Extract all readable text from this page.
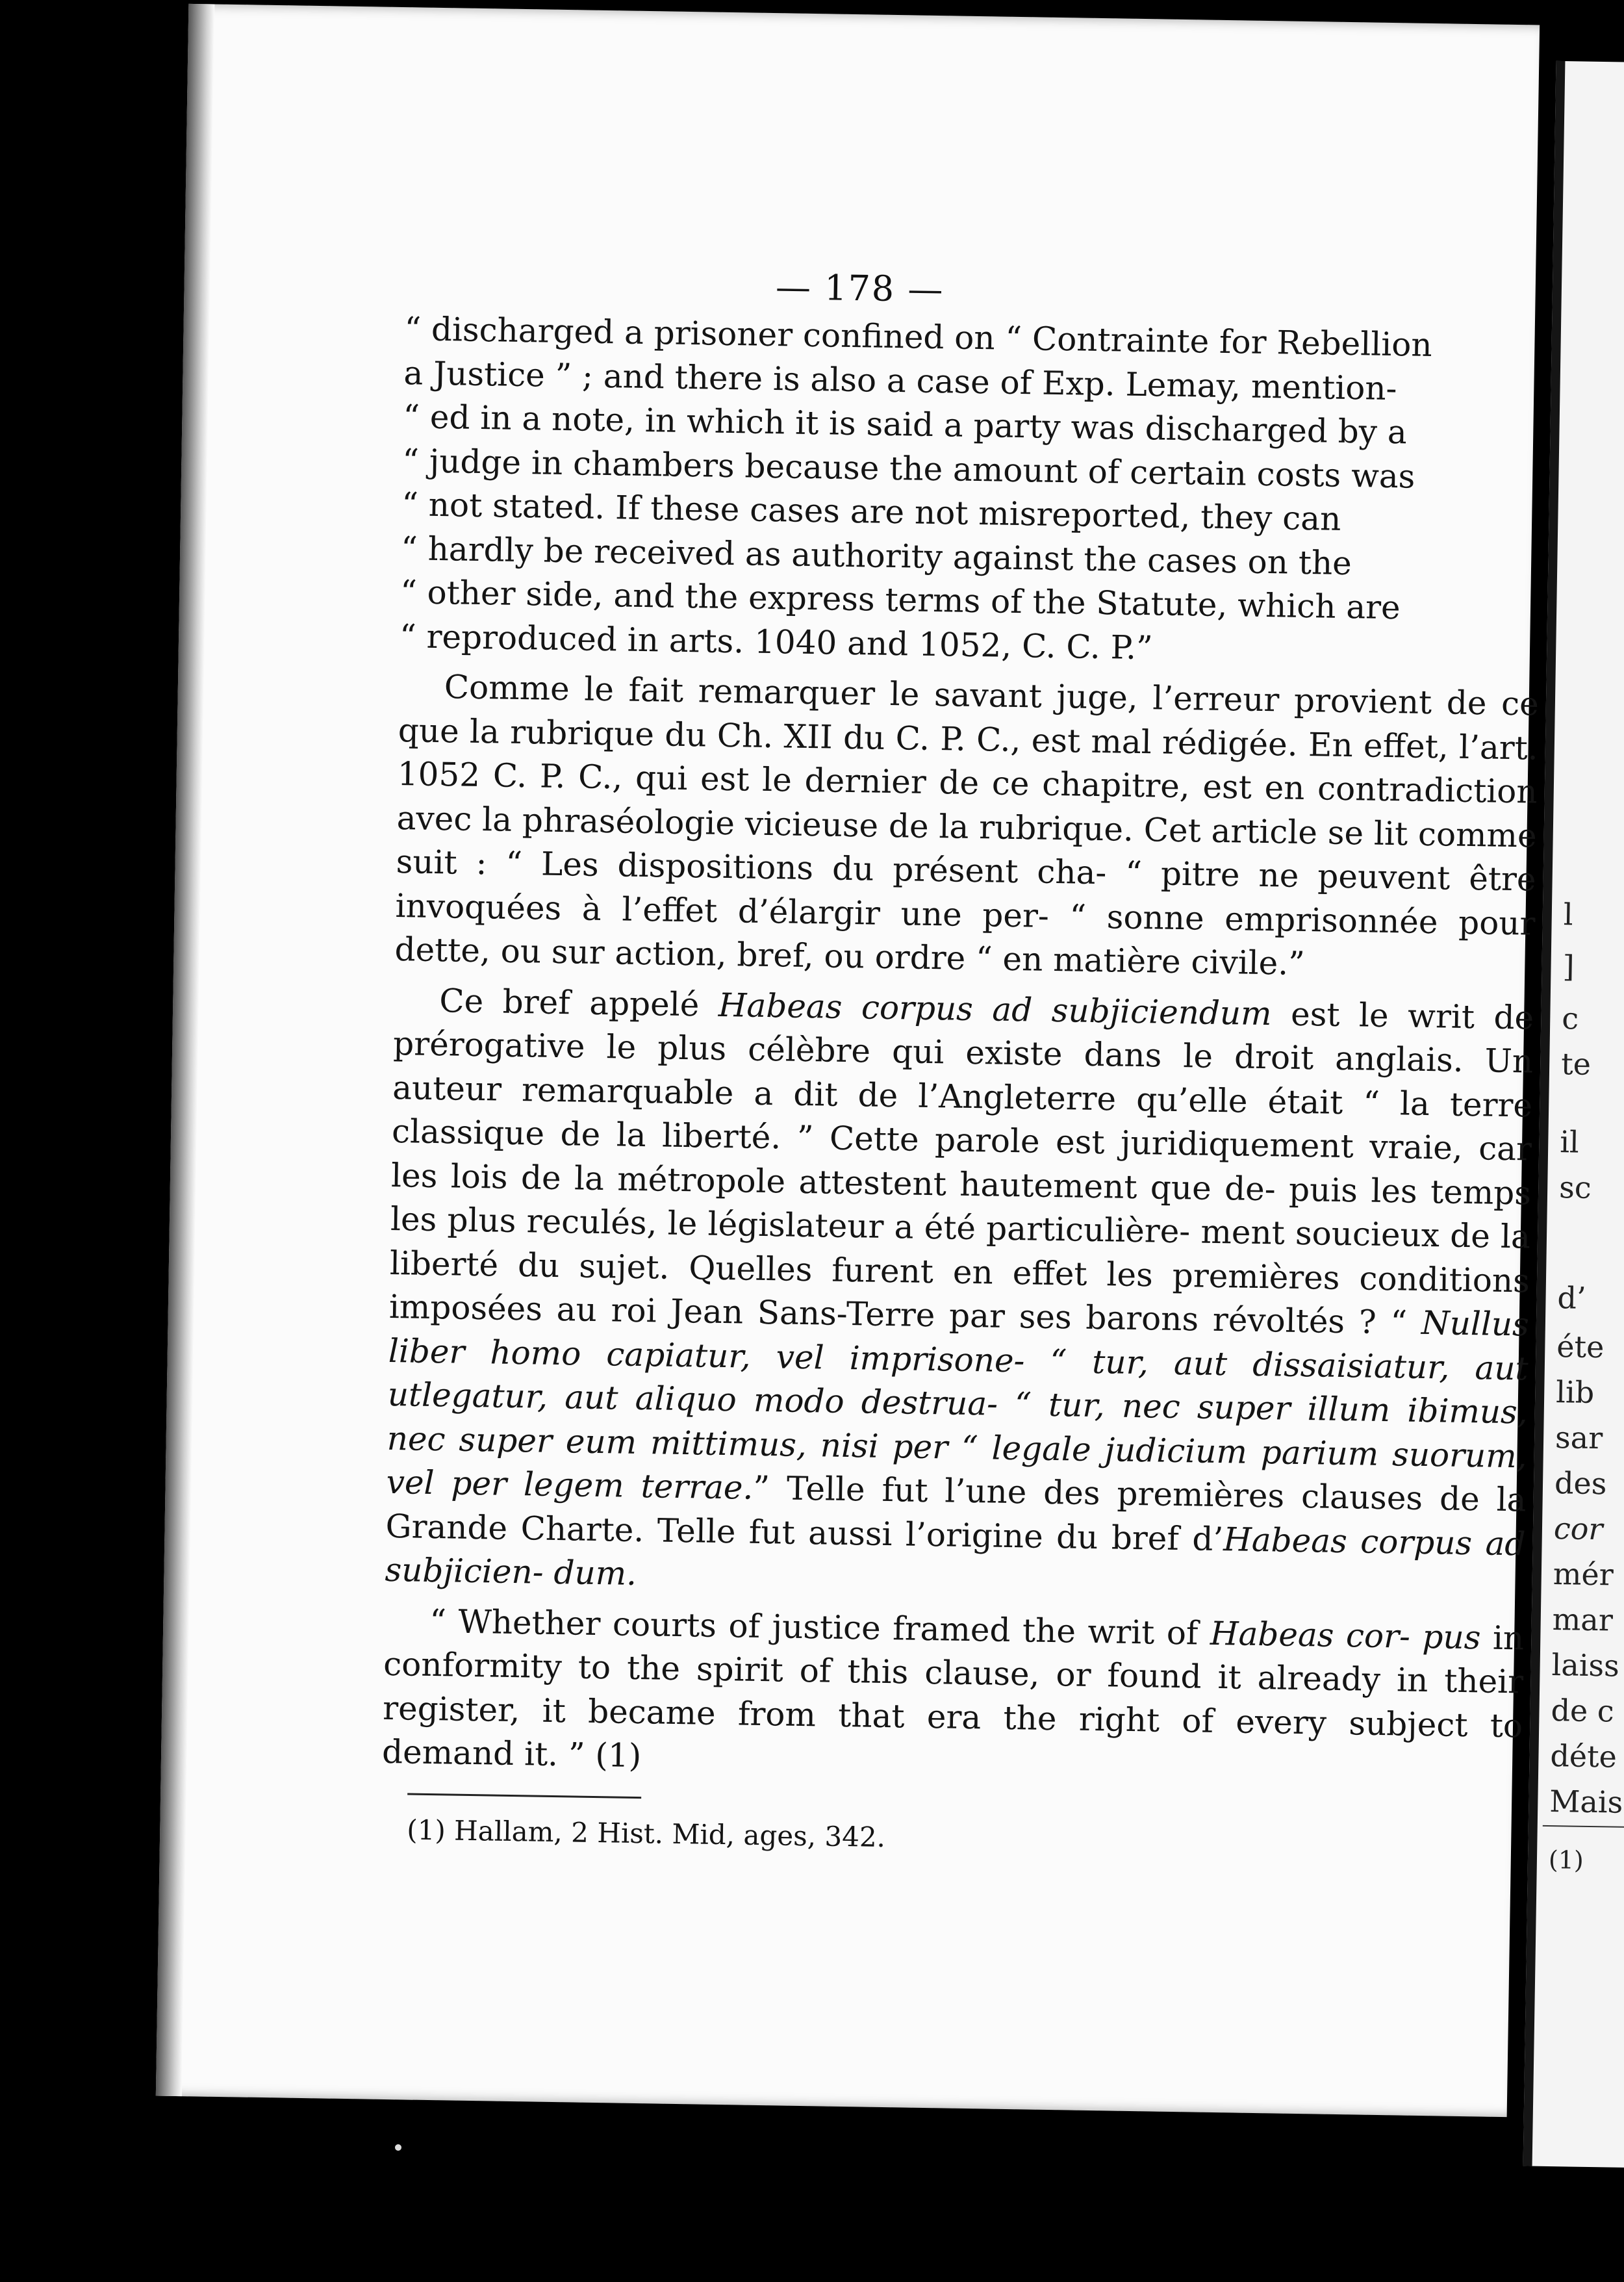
— 178 —

“ discharged a prisoner confined on “ Contrainte for Rebellion

a Justice ” ; and there is also a case of Exp. Lemay, mention-

“ ed in a note, in which it is said a party was discharged by a

“ judge in chambers because the amount of certain costs was

“ not stated. If these cases are not misreported, they can

“ hardly be received as authority against the cases on the

“ other side, and the express terms of the Statute, which are

“ reproduced in arts. 1040 and 1052, C. C. P.”

Comme le fait remarquer le savant juge, l’erreur provient de ce que la rubrique du Ch. XII du C. P. C., est mal rédigée. En effet, l’art. 1052 C. P. C., qui est le dernier de ce chapitre, est en contradiction avec la phraséologie vicieuse de la rubrique. Cet article se lit comme suit : “ Les dispositions du présent cha- “ pitre ne peuvent être invoquées à l’effet d’élargir une per- “ sonne emprisonnée pour dette, ou sur action, bref, ou ordre “ en matière civile.”

Ce bref appelé Habeas corpus ad subjiciendum est le writ de prérogative le plus célèbre qui existe dans le droit anglais. Un auteur remarquable a dit de l’Angleterre qu’elle était “ la terre classique de la liberté. ” Cette parole est juridiquement vraie, car les lois de la métropole attestent hautement que de- puis les temps les plus reculés, le législateur a été particulière- ment soucieux de la liberté du sujet. Quelles furent en effet les premières conditions imposées au roi Jean Sans-Terre par ses barons révoltés ? “ Nullus liber homo capiatur, vel imprisone- “ tur, aut dissaisiatur, aut utlegatur, aut aliquo modo destrua- “ tur, nec super illum ibimus, nec super eum mittimus, nisi per “ legale judicium parium suorum, vel per legem terrae.” Telle fut l’une des premières clauses de la Grande Charte. Telle fut aussi l’origine du bref d’Habeas corpus ad subjicien- dum.

“ Whether courts of justice framed the writ of Habeas cor- pus in conformity to the spirit of this clause, or found it already in their register, it became from that era the right of every subject to demand it. ” (1)

(1) Hallam, 2 Hist. Mid, ages, 342.
l
]
c
te
il
sc
d’
éte
lib
sar
des
cor
mér
mar
laiss
de c
déte
Mais
(1)
